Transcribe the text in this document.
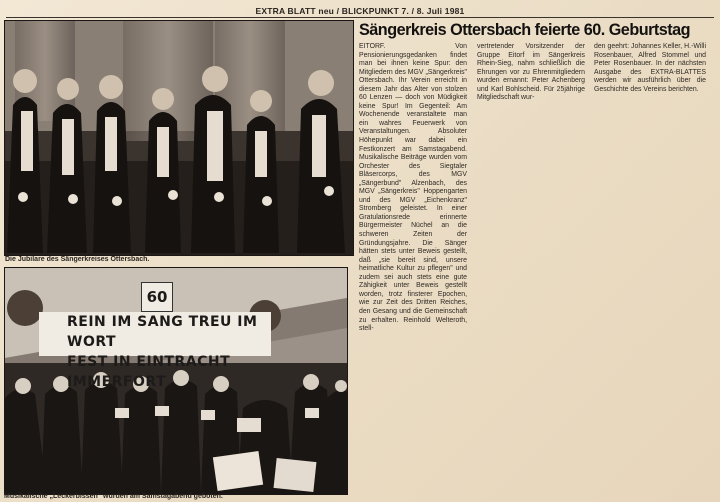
EXTRA BLATT neu / BLICKPUNKT 7. / 8. Juli 1981
Die Jubilare des Sängerkreises Ottersbach.
60
REIN IM SANG TREU IM WORT
FEST IN EINTRACHT IMMERFORT
Musikalische „Leckerbissen" wurden am Samstagabend geboten.
Sängerkreis Ottersbach feierte 60. Geburtstag
EITORF. Von Pensionierungsgedanken findet man bei ihnen keine Spur: den Mitgliedern des MGV „Sängerkreis" Ottersbach. Ihr Verein erreicht in diesem Jahr das Alter von stolzen 60 Lenzen — doch von Müdigkeit keine Spur! Im Gegenteil: Am Wochenende veranstaltete man ein wahres Feuerwerk von Veranstaltungen. Absoluter Höhepunkt war dabei ein Festkonzert am Samstagabend. Musikalische Beiträge wurden vom Orchester des Siegtaler Bläsercorps, des MGV „Sängerbund" Alzenbach, des MGV „Sängerkreis" Hoppengarten und des MGV „Eichenkranz" Stromberg geleistet. In einer Gratulationsrede erinnerte Bürgermeister Nüchel an die schweren Zeiten der Gründungsjahre. Die Sänger hätten stets unter Beweis gestellt, daß „sie bereit sind, unsere heimatliche Kultur zu pflegen" und zudem sei auch stets eine gute Zähigkeit unter Beweis gestellt worden, trotz finsterer Epochen, wie zur Zeit des Dritten Reiches, den Gesang und die Gemeinschaft zu erhalten. Reinhold Welteroth, stell-
vertretender Vorsitzender der Gruppe Eitorf im Sängerkreis Rhein-Sieg, nahm schließlich die Ehrungen vor zu Ehrenmitgliedern wurden ernannt: Peter Achenberg und Karl Bohlscheid. Für 25jährige Mitgliedschaft wur-
den geehrt: Johannes Keller, H.-Willi Rosenbauer, Alfred Stommel und Peter Rosenbauer. In der nächsten Ausgabe des EXTRA-BLATTES werden wir ausführlich über die Geschichte des Vereins berichten.
